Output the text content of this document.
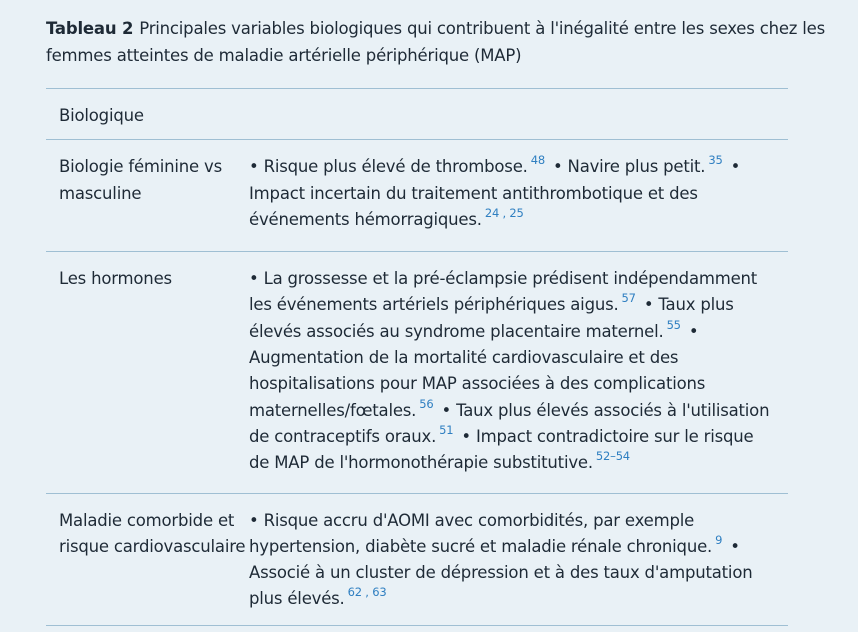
Tableau 2 Principales variables biologiques qui contribuent à l'inégalité entre les sexes chez les femmes atteintes de maladie artérielle périphérique (MAP)
Biologique	
Biologie féminine vs masculine	• Risque plus élevé de thrombose. $^{48}$ • Navire plus petit. $^{35}$ • Impact incertain du traitement antithrombotique et des événements hémorragiques. $^{24 , 25}$
Les hormones	• La grossesse et la pré-éclampsie prédisent indépendamment les événements artériels périphériques aigus. $^{57}$ • Taux plus élevés associés au syndrome placentaire maternel. $^{55}$ • Augmentation de la mortalité cardiovasculaire et des hospitalisations pour MAP associées à des complications maternelles/fœtales. $^{56}$ • Taux plus élevés associés à l'utilisation de contraceptifs oraux. $^{51}$ • Impact contradictoire sur le risque de MAP de l'hormonothérapie substitutive. $^{52-54}$
Maladie comorbide et risque cardiovasculaire	• Risque accru d'AOMI avec comorbidités, par exemple hypertension, diabète sucré et maladie rénale chronique. $^9$ • Associé à un cluster de dépression et à des taux d'amputation plus élevés. $^{62 , 63}$
